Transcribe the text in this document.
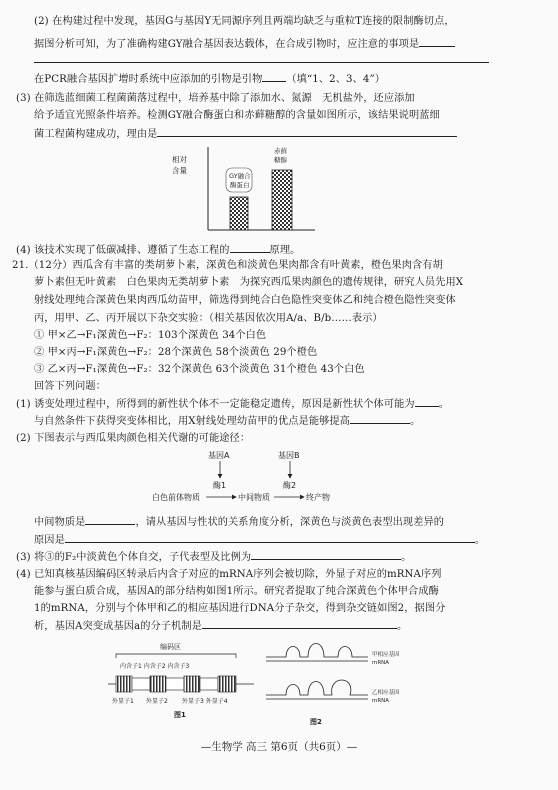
(2) 在构建过程中发现，基因G与基因Y无同源序列且两端均缺乏与重粒T连接的限制酶切点，
据图分析可知，为了准确构建GY融合基因表达载体，在合成引物时，应注意的事项是
在PCR融合基因扩增时系统中应添加的引物是引物 （填“1、2、3、4”）
(3) 在筛选蓝细菌工程菌菌落过程中，培养基中除了添加水、氮源　无机盐外，还应添加
给予适宜光照条件培养。检测GY融合酶蛋白和赤藓糖醇的含量如图所示，该结果说明蓝细
菌工程菌构建成功，理由是
相对
含量
GY融合
酶蛋白
赤藓
糖醇
(4) 该技术实现了低碳减排、遵循了生态工程的	原理。
21.（12分）西瓜含有丰富的类胡萝卜素，深黄色和淡黄色果肉都含有叶黄素，橙色果肉含有胡
萝卜素但无叶黄素　白色果肉无类胡萝卜素　为探究西瓜果肉颜色的遗传规律，研究人员先用X
射线处理纯合深黄色果肉西瓜幼苗甲，筛选得到纯合白色隐性突变体乙和纯合橙色隐性突变体
丙，用甲、乙、丙开展以下杂交实验：（相关基因依次用A/a、B/b……表示）
① 甲×乙→F₁深黄色→F₂：103个深黄色 34个白色
② 甲×丙→F₁深黄色→F₂：28个深黄色 58个淡黄色 29个橙色
③ 乙×丙→F₁深黄色→F₂：32个深黄色 63个淡黄色 31个橙色 43个白色
回答下列问题：
(1) 诱变处理过程中，所得到的新性状个体不一定能稳定遗传，原因是新性状个体可能为 。
与自然条件下获得突变体相比，用X射线处理幼苗甲的优点是能够提高	。
(2) 下图表示与西瓜果肉颜色相关代谢的可能途径：
基因A	基因B
酶1	酶2
白色前体物质	中间物质	终产物
中间物质是	，请从基因与性状的关系角度分析，深黄色与淡黄色表型出现差异的
原因是	。
(3) 将③的F₂中淡黄色个体自交，子代表型及比例为	。
(4) 已知真核基因编码区转录后内含子对应的mRNA序列会被切除，外显子对应的mRNA序列
能参与蛋白质合成，基因A的部分结构如图1所示。研究者提取了纯合深黄色个体甲合成酶
1的mRNA，分别与个体甲和乙的相应基因进行DNA分子杂交，得到杂交链如图2，据图分
析，基因A突变成基因a的分子机制是	。
编码区
内含子1 内含子2 内含子3
外显子1 外显子2 外显子3 外显子4
图1
甲相应基因
mRNA
乙相应基因
mRNA
图2
—生物学 高三 第6页（共6页）—
